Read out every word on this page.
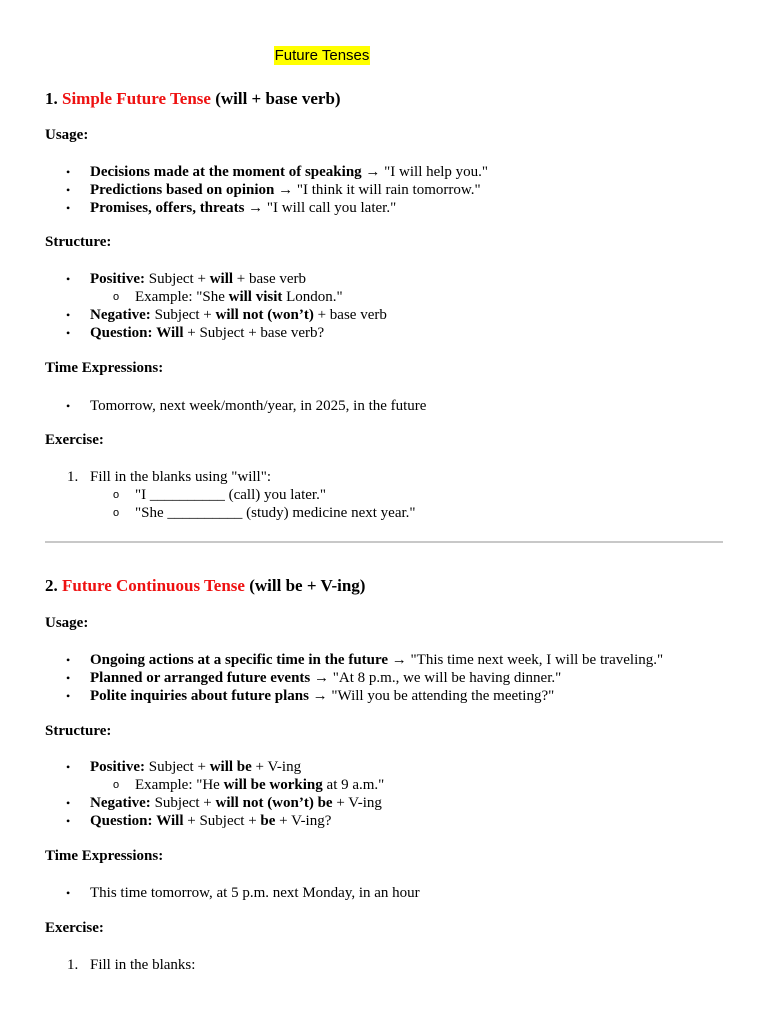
Future Tenses
1. Simple Future Tense (will + base verb)
Usage:
• Decisions made at the moment of speaking → "I will help you."
• Predictions based on opinion → "I think it will rain tomorrow."
• Promises, offers, threats → "I will call you later."
Structure:
• Positive: Subject + will + base verb
o Example: "She will visit London."
• Negative: Subject + will not (won’t) + base verb
• Question: Will + Subject + base verb?
Time Expressions:
• Tomorrow, next week/month/year, in 2025, in the future
Exercise:
1. Fill in the blanks using "will":
o "I __________ (call) you later."
o "She __________ (study) medicine next year."
2. Future Continuous Tense (will be + V-ing)
Usage:
• Ongoing actions at a specific time in the future → "This time next week, I will be traveling."
• Planned or arranged future events → "At 8 p.m., we will be having dinner."
• Polite inquiries about future plans → "Will you be attending the meeting?"
Structure:
• Positive: Subject + will be + V-ing
o Example: "He will be working at 9 a.m."
• Negative: Subject + will not (won’t) be + V-ing
• Question: Will + Subject + be + V-ing?
Time Expressions:
• This time tomorrow, at 5 p.m. next Monday, in an hour
Exercise:
1. Fill in the blanks:
